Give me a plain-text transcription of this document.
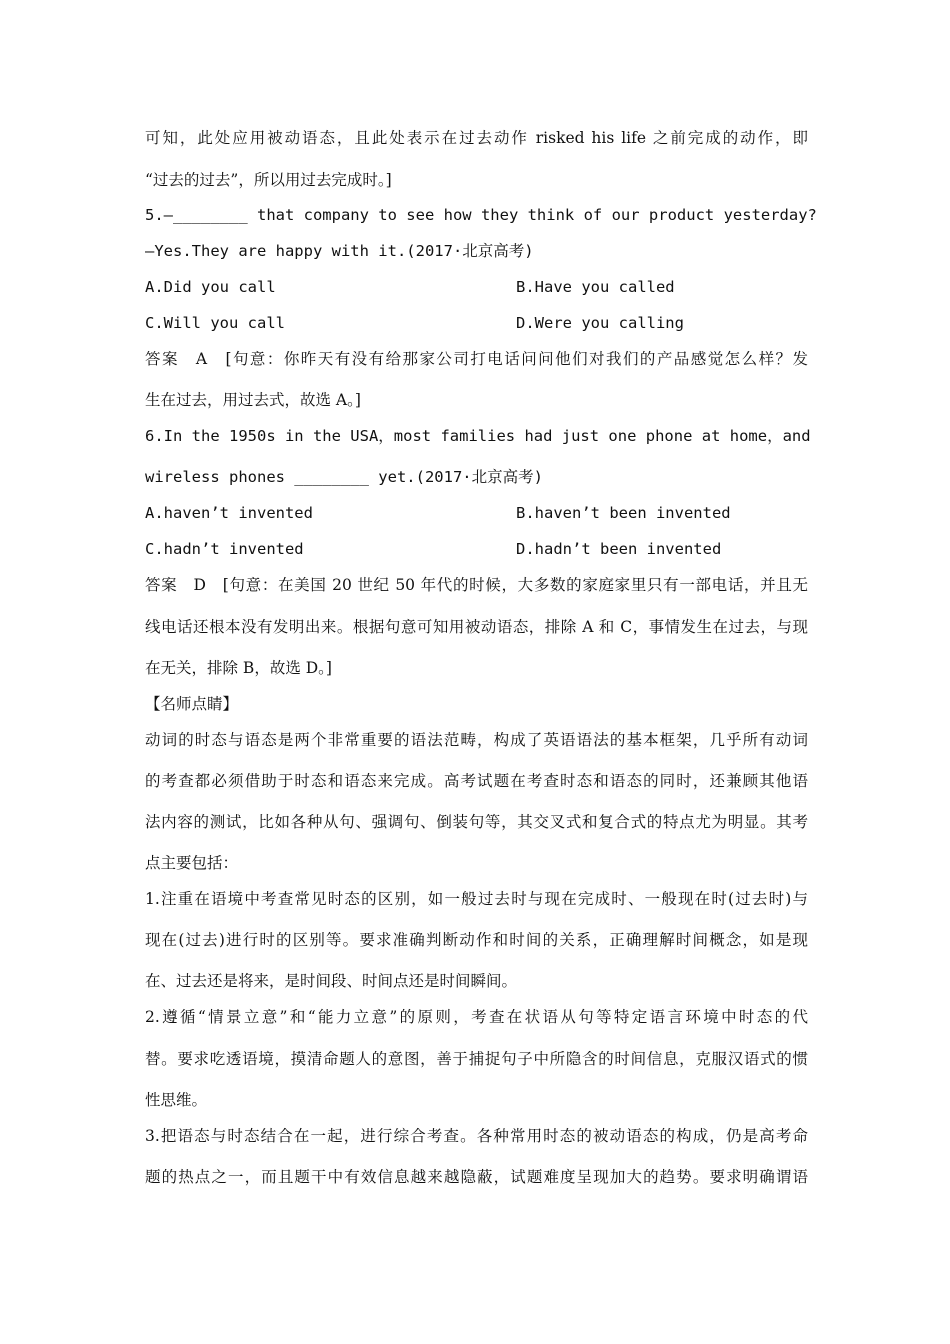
可知，此处应用被动语态，且此处表示在过去动作 risked his life 之前完成的动作，即
“过去的过去”，所以用过去完成时。]
5.—________ that company to see how they think of our product yesterday?
—Yes.They are happy with it.(2017·北京高考)
A.Did you call	B.Have you called
C.Will you call	D.Were you calling
答案　A　[句意：你昨天有没有给那家公司打电话问问他们对我们的产品感觉怎么样？发
生在过去，用过去式，故选 A。]
6.In the 1950s in the USA，most families had just one phone at home，and
wireless phones ________ yet.(2017·北京高考)
A.haven’t invented	B.haven’t been invented
C.hadn’t invented	D.hadn’t been invented
答案　D　[句意：在美国 20 世纪 50 年代的时候，大多数的家庭家里只有一部电话，并且无
线电话还根本没有发明出来。根据句意可知用被动语态，排除 A 和 C，事情发生在过去，与现
在无关，排除 B，故选 D。]
【名师点睛】
动词的时态与语态是两个非常重要的语法范畴，构成了英语语法的基本框架，几乎所有动词
的考查都必须借助于时态和语态来完成。高考试题在考查时态和语态的同时，还兼顾其他语
法内容的测试，比如各种从句、强调句、倒装句等，其交叉式和复合式的特点尤为明显。其考
点主要包括：
1.注重在语境中考查常见时态的区别，如一般过去时与现在完成时、一般现在时(过去时)与
现在(过去)进行时的区别等。要求准确判断动作和时间的关系，正确理解时间概念，如是现
在、过去还是将来，是时间段、时间点还是时间瞬间。
2.遵循“情景立意”和“能力立意”的原则，考查在状语从句等特定语言环境中时态的代
替。要求吃透语境，摸清命题人的意图，善于捕捉句子中所隐含的时间信息，克服汉语式的惯
性思维。
3.把语态与时态结合在一起，进行综合考查。各种常用时态的被动语态的构成，仍是高考命
题的热点之一，而且题干中有效信息越来越隐蔽，试题难度呈现加大的趋势。要求明确谓语
